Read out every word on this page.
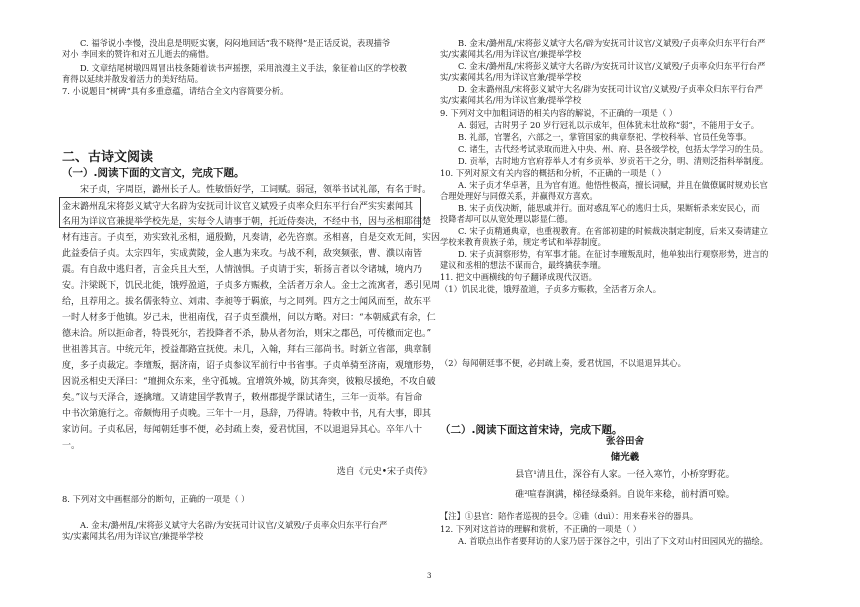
C. 福爷说小李慢，没出息是明贬实褒，闷闷地回话“我不晓得”是正话反说，表现描爷
对小 李回来的赞许和对五儿逝去的痛惜。
D. 文章结尾树墩四周冒出枝条随着读书声摇摆，采用浪漫主义手法，象征着山区的学校教
育得以延续并散发着活力的美好结局。
7. 小说题目“树碑”具有多重意蕴，请结合全文内容简要分析。
二、古诗文阅读
（一）.阅读下面的文言文，完成下题。
宋子贞，字周臣，潞州长子人。性敏悟好学，工词赋。弱冠，领举书试礼部，有名于时。
金末潞州乱宋将彭义斌守大名辟为安抚司计议官义斌殁子贞率众归东平行台严实实素闻其
名用为详议官兼提举学校先是，实每令人请事于朝，托近侍奏决，不经中书，因与丞相耶律楚
材有违言。子贞至，劝实致礼丞相，通殷勤，凡奏请，必先咨禀。丞相喜，自是交欢无间，实因
此益委信子贞。太宗四年，实成黄陵，金人惠为来攻。与战不利，敌突频张，曹、濮以南皆
震。有自敌中逃归者，言金兵且大至，人情汹惧。子贞请于实，斩扬言者以令诸城，境内乃
安。汴梁既下，饥民北徙，饿殍盈道，子贞多方赈救，全活者万余人。金士之流寓者，悉引见周
给，且荐用之。拔名儒张特立、刘肃、李昶等于羁旅，与之同列。四方之士闻风而至，故东平
一时人材多于他镇。岁己未，世祖南伐，召子贞至濮州，问以方略。对曰：“本朝威武有余，仁
德未洽。所以拒命者，特畏死尔，若投降者不杀，胁从者勿治，则宋之郡邑，可传檄而定也。”
世祖善其言。中统元年，授益都路宣抚使。未几，入翰，拜右三部尚书。时新立省部，典章制
度，多子贞裁定。李璮叛，据济南，诏子贞参议军前行中书省事。子贞单骑至济南，观璮形势，
因说丞相史天泽曰：“璮拥众东来，坐守孤城。宜增筑外城，防其奔突，彼粮尽援绝，不攻自破
矣。”议与天泽合，逐擒璮。又请建国学教胄子，敕州郡提学课试诸生，三年一贡举。有旨命
中书次第施行之。帝颇悔用子贞晚。三年十一月，恳辞，乃得请。特敕中书，凡有大事，即其
家访问。子贞私居，每闻朝廷事不便，必封疏上奏，爱君忧国，不以退退异其心。卒年八十
一。
选自《元史•宋子贞传》
8. 下列对文中画框部分的断句，正确的一项是（ ）
A. 金末/潞州乱/宋将彭义斌守大名辟/为安抚司计议官/义斌殁/子贞率众归东平行台严
实/实素闻其名/用为详议官/兼提举学校
B. 金末/潞州乱/宋将彭义斌守大名/辟为安抚司计议官/义斌殁/子贞率众归东平行台严
实/实素闻其名/用为详议官/兼提举学校
C. 金末/潞州乱/宋将彭义斌守大名辟/为安抚司计议官/义斌殁/子贞率众归东平行台严
实/实素闻其名/用为详议官兼/提举学校
D. 金末潞州乱/宋将彭义斌守大名/辟为安抚司计议官/义斌殁/子贞率众归东平行台严
实/实素闻其名/用为详议官兼/提举学校
9. 下列对文中加粗词语的相关内容的解说，不正确的一项是（ ）
A. 弱冠，古时男子 20 岁行冠礼以示成年，但体犹未壮故称“弱”，不能用于女子。
B. 礼部，官署名，六部之一，掌管国家的典章祭祀、学校科举、官员任免等事。
C. 诸生，古代经考试录取而进入中央、州、府、县各级学校，包括太学学习的生员。
D. 贡举，古时地方官府荐举人才有乡贡举、岁贡若干之分，明、清则泛指科举制度。
10. 下列对原文有关内容的概括和分析，不正确的一项是（ ）
A. 宋子贞才华卓著，且为官有道。他悟性极高，擅长词赋，并且在做僚属时规劝长官
合理处理好与同僚关系，并赢得双方喜欢。
B. 宋子贞伐决断，能思戚并行。面对惑乱军心的逃归士兵，果断斩杀来安民心，而
投降者却可以从宽处理以影显仁德。
C. 宋子贞精通典章，也重视教育。在省部初建的时候裁决制定制度，后来又奏请建立
学校来教育贵族子弟，规定考试和举荐制度。
D. 宋子贞洞察形势，有军事才能。在征讨李璮叛乱时，他单独出行观察形势，进言的
建议和丞相的想法不谋而合，最终擒获李璮。
11. 把文中画横线的句子翻译成现代汉语。
（1）饥民北徙，饿殍盈道，子贞多方赈救，全活者万余人。
（2）每闻朝廷事不便，必封疏上奏，爱君忧国，不以退退异其心。
（二）.阅读下面这首宋诗，完成下题。
张谷田舍
储光羲
县官¹清且仕，深谷有人家。一径入寒竹，小桥穿野花。
碓²喧春涧满，梯径绿桑斜。自说年来稔，前村酒可赊。
【注】①县官：陪作者巡视的县令。②碓（duì）：用来舂米谷的器具。
12. 下列对这首诗的理解和赏析，不正确的一项是（ ）
A. 首联点出作者要拜访的人家乃居于深谷之中，引出了下文对山村田园风光的描绘。
3
